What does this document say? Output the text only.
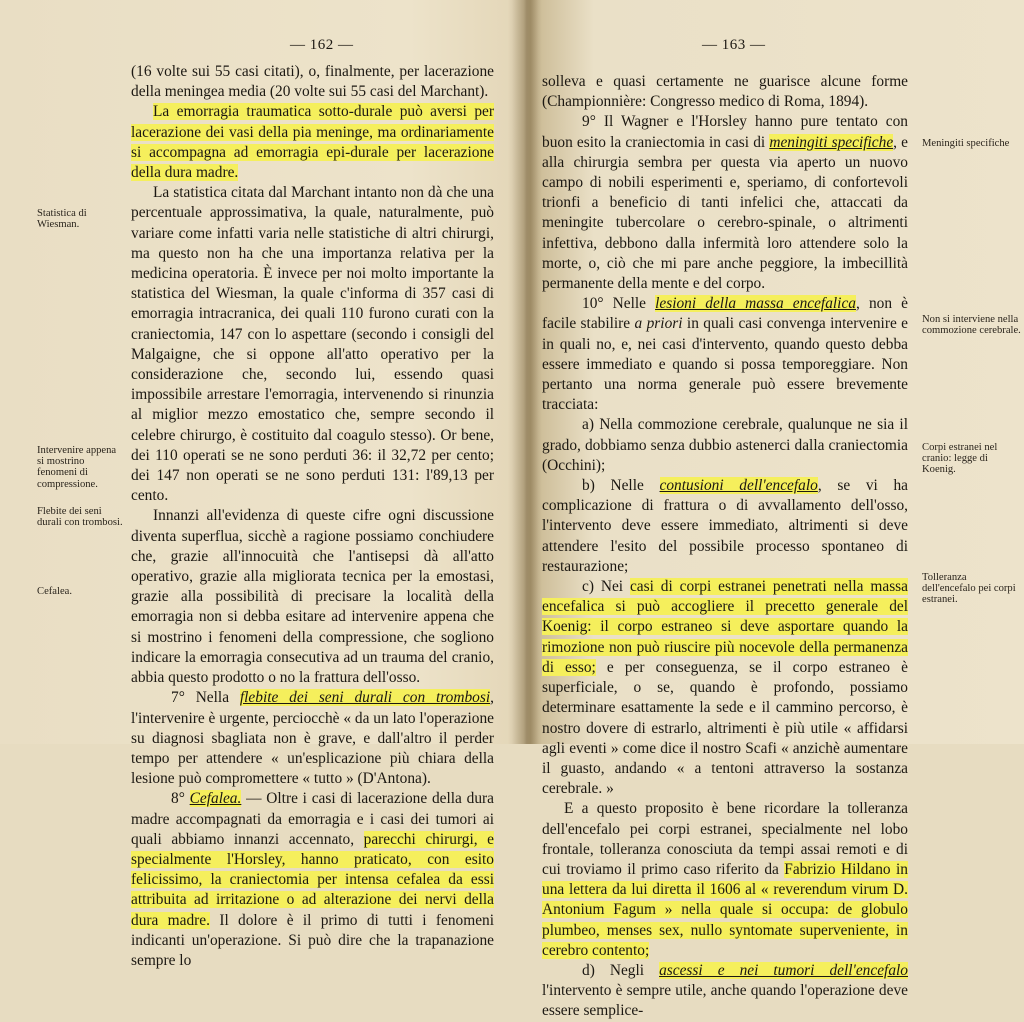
— 162 —

(16 volte sui 55 casi citati), o, finalmente, per lacerazione della meningea media (20 volte sui 55 casi del Marchant).

La emorragia traumatica sotto-durale può aversi per lacerazione dei vasi della pia meninge, ma ordinariamente si accompagna ad emorragia epi-durale per lacerazione della dura madre.

La statistica citata dal Marchant intanto non dà che una percentuale approssimativa, la quale, naturalmente, può variare come infatti varia nelle statistiche di altri chirurgi, ma questo non ha che una importanza relativa per la medicina operatoria. È invece per noi molto importante la statistica del Wiesman, la quale c'informa di 357 casi di emorragia intracranica, dei quali 110 furono curati con la craniectomia, 147 con lo aspettare (secondo i consigli del Malgaigne, che si oppone all'atto operativo per la considerazione che, secondo lui, essendo quasi impossibile arrestare l'emorragia, intervenendo si rinunzia al miglior mezzo emostatico che, sempre secondo il celebre chirurgo, è costituito dal coagulo stesso). Or bene, dei 110 operati se ne sono perduti 36: il 32,72 per cento; dei 147 non operati se ne sono perduti 131: l'89,13 per cento.

Innanzi all'evidenza di queste cifre ogni discussione diventa superflua, sicchè a ragione possiamo conchiudere che, grazie all'innocuità che l'antisepsi dà all'atto operativo, grazie alla migliorata tecnica per la emostasi, grazie alla possibilità di precisare la località della emorragia non si debba esitare ad intervenire appena che si mostrino i fenomeni della compressione, che sogliono indicare la emorragia consecutiva ad un trauma del cranio, abbia questo prodotto o no la frattura dell'osso.

7° Nella flebite dei seni durali con trombosi, l'intervenire è urgente, perciocchè « da un lato l'operazione su diagnosi sbagliata non è grave, e dall'altro il perder tempo per attendere « un'esplicazione più chiara della lesione può compromettere « tutto » (D'Antona).

8° Cefalea. — Oltre i casi di lacerazione della dura madre accompagnati da emorragia e i casi dei tumori ai quali abbiamo innanzi accennato, parecchi chirurgi, e specialmente l'Horsley, hanno praticato, con esito felicissimo, la craniectomia per intensa cefalea da essi attribuita ad irritazione o ad alterazione dei nervi della dura madre. Il dolore è il primo di tutti i fenomeni indicanti un'operazione. Si può dire che la trapanazione sempre lo

Statistica di Wiesman.
Intervenire appena si mostrino fenomeni di compressione.
Flebite dei seni durali con trombosi.
Cefalea.
— 163 —

solleva e quasi certamente ne guarisce alcune forme (Championnière: Congresso medico di Roma, 1894).

9° Il Wagner e l'Horsley hanno pure tentato con buon esito la craniectomia in casi di meningiti specifiche, e alla chirurgia sembra per questa via aperto un nuovo campo di nobili esperimenti e, speriamo, di confortevoli trionfi a beneficio di tanti infelici che, attaccati da meningite tubercolare o cerebro-spinale, o altrimenti infettiva, debbono dalla infermità loro attendere solo la morte, o, ciò che mi pare anche peggiore, la imbecillità permanente della mente e del corpo.

10° Nelle lesioni della massa encefalica, non è facile stabilire a priori in quali casi convenga intervenire e in quali no, e, nei casi d'intervento, quando questo debba essere immediato e quando si possa temporeggiare. Non pertanto una norma generale può essere brevemente tracciata:

a) Nella commozione cerebrale, qualunque ne sia il grado, dobbiamo senza dubbio astenerci dalla craniectomia (Occhini);

b) Nelle contusioni dell'encefalo, se vi ha complicazione di frattura o di avvallamento dell'osso, l'intervento deve essere immediato, altrimenti si deve attendere l'esito del possibile processo spontaneo di restaurazione;

c) Nei casi di corpi estranei penetrati nella massa encefalica si può accogliere il precetto generale del Koenig: il corpo estraneo si deve asportare quando la rimozione non può riuscire più nocevole della permanenza di esso; e per conseguenza, se il corpo estraneo è superficiale, o se, quando è profondo, possiamo determinare esattamente la sede e il cammino percorso, è nostro dovere di estrarlo, altrimenti è più utile « affidarsi agli eventi » come dice il nostro Scafi « anzichè aumentare il guasto, andando « a tentoni attraverso la sostanza cerebrale. »

E a questo proposito è bene ricordare la tolleranza dell'encefalo pei corpi estranei, specialmente nel lobo frontale, tolleranza conosciuta da tempi assai remoti e di cui troviamo il primo caso riferito da Fabrizio Hildano in una lettera da lui diretta il 1606 al « reverendum virum D. Antonium Fagum » nella quale si occupa: de globulo plumbeo, menses sex, nullo syntomate superveniente, in cerebro contento;

d) Negli ascessi e nei tumori dell'encefalo l'intervento è sempre utile, anche quando l'operazione deve essere semplice-

Meningiti specifiche
Non si interviene nella commozione cerebrale.
Corpi estranei nel cranio: legge di Koenig.
Tolleranza dell'encefalo pei corpi estranei.
